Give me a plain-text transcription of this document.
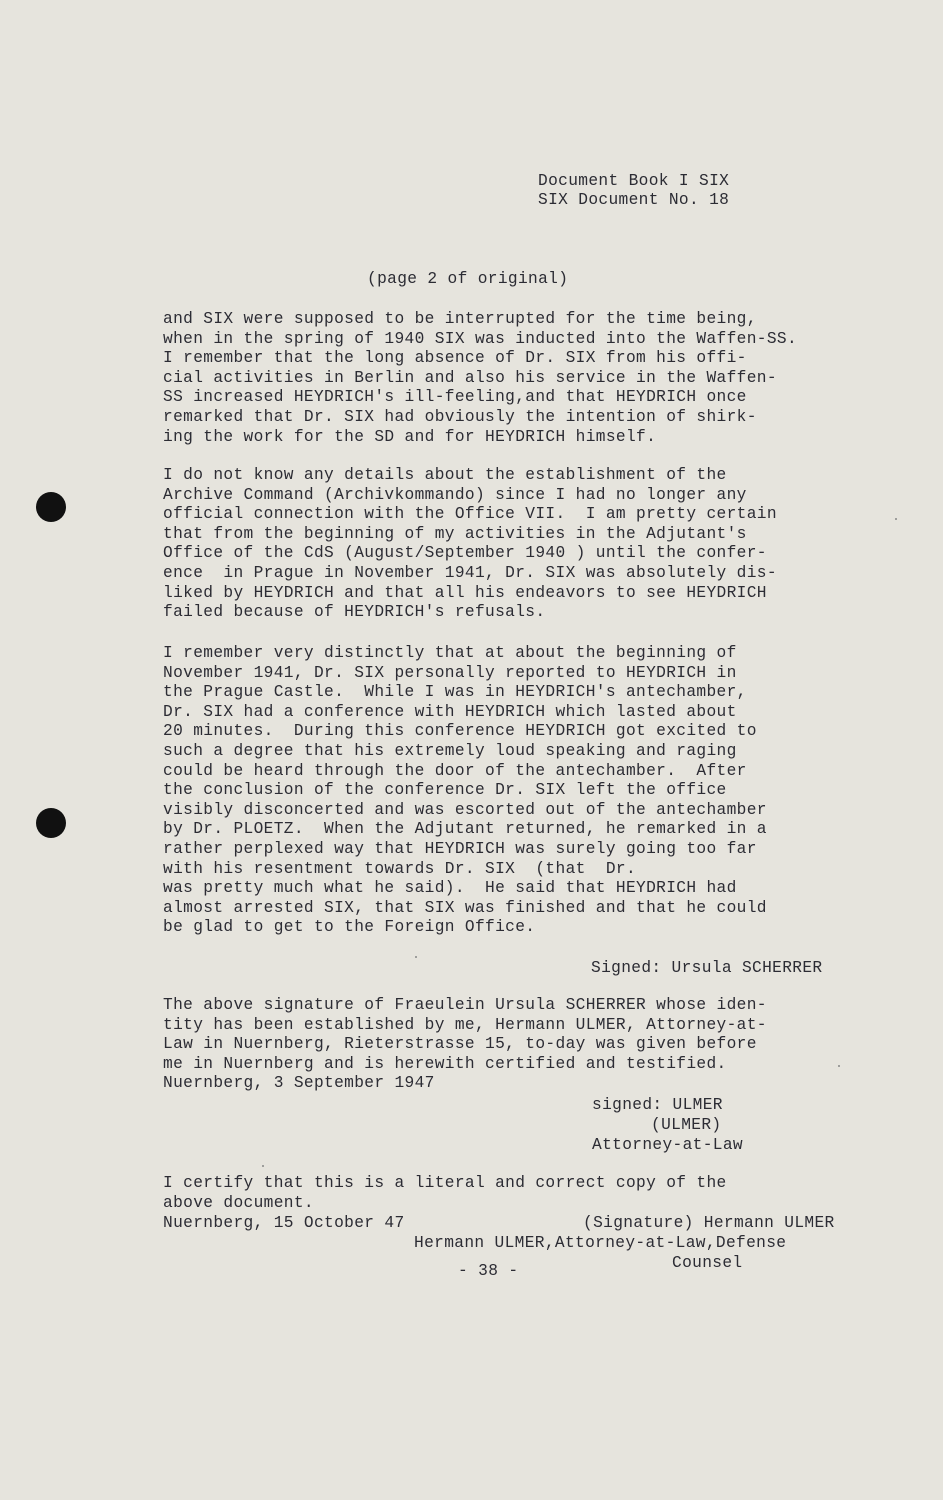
Document Book I SIX
SIX Document No. 18
(page 2 of original)
and SIX were supposed to be interrupted for the time being,
when in the spring of 1940 SIX was inducted into the Waffen-SS.
I remember that the long absence of Dr. SIX from his offi-
cial activities in Berlin and also his service in the Waffen-
SS increased HEYDRICH's ill-feeling,and that HEYDRICH once
remarked that Dr. SIX had obviously the intention of shirk-
ing the work for the SD and for HEYDRICH himself.
I do not know any details about the establishment of the
Archive Command (Archivkommando) since I had no longer any
official connection with the Office VII.  I am pretty certain
that from the beginning of my activities in the Adjutant's
Office of the CdS (August/September 1940 ) until the confer-
ence  in Prague in November 1941, Dr. SIX was absolutely dis-
liked by HEYDRICH and that all his endeavors to see HEYDRICH
failed because of HEYDRICH's refusals.
I remember very distinctly that at about the beginning of
November 1941, Dr. SIX personally reported to HEYDRICH in
the Prague Castle.  While I was in HEYDRICH's antechamber,
Dr. SIX had a conference with HEYDRICH which lasted about
20 minutes.  During this conference HEYDRICH got excited to
such a degree that his extremely loud speaking and raging
could be heard through the door of the antechamber.  After
the conclusion of the conference Dr. SIX left the office
visibly disconcerted and was escorted out of the antechamber
by Dr. PLOETZ.  When the Adjutant returned, he remarked in a
rather perplexed way that HEYDRICH was surely going too far
with his resentment towards Dr. SIX  (that  Dr.
was pretty much what he said).  He said that HEYDRICH had
almost arrested SIX, that SIX was finished and that he could
be glad to get to the Foreign Office.
Signed: Ursula SCHERRER
The above signature of Fraeulein Ursula SCHERRER whose iden-
tity has been established by me, Hermann ULMER, Attorney-at-
Law in Nuernberg, Rieterstrasse 15, to-day was given before
me in Nuernberg and is herewith certified and testified.
Nuernberg, 3 September 1947
signed: ULMER
(ULMER)
Attorney-at-Law
I certify that this is a literal and correct copy of the
above document.
Nuernberg, 15 October 47	(Signature) Hermann ULMER
Hermann ULMER,Attorney-at-Law,Defense
- 38 -	Counsel
